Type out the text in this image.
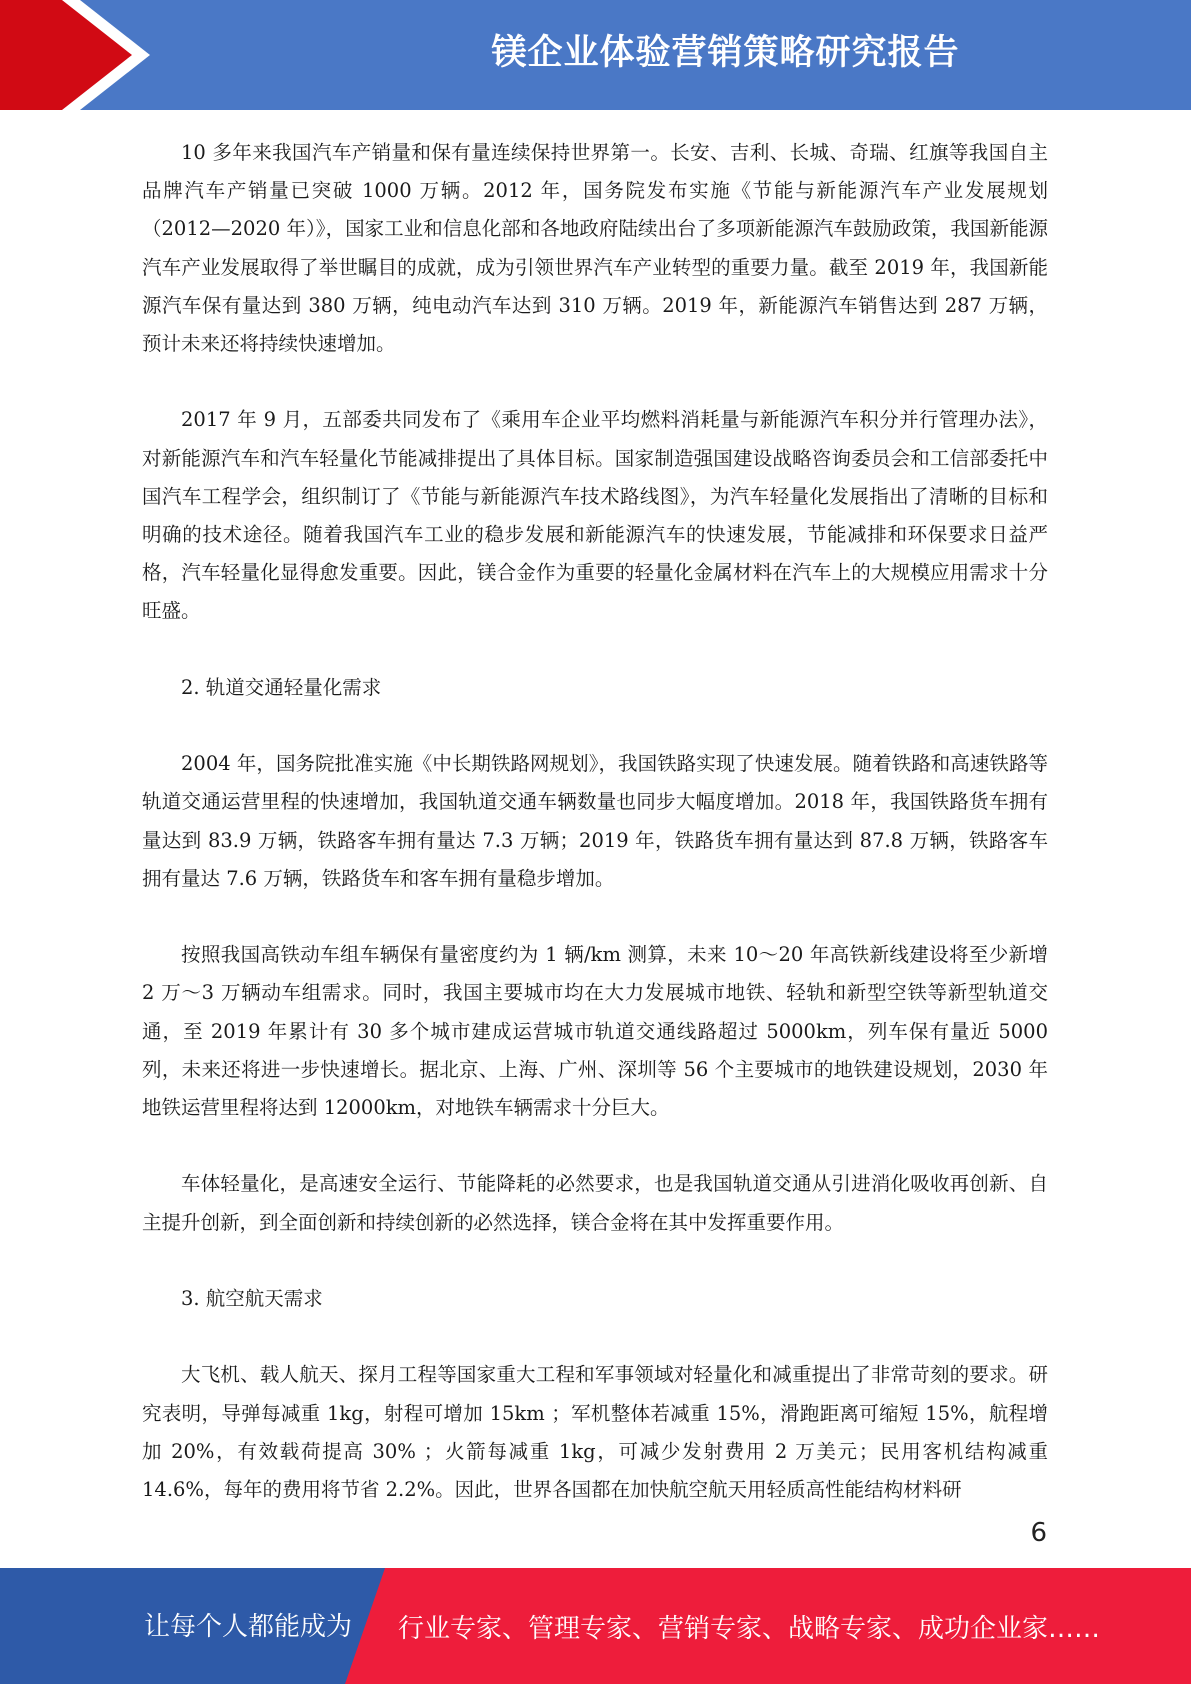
镁企业体验营销策略研究报告

10 多年来我国汽车产销量和保有量连续保持世界第一。长安、吉利、长城、奇瑞、红旗等我国自主品牌汽车产销量已突破 1000 万辆。2012 年，国务院发布实施《节能与新能源汽车产业发展规划（2012—2020 年）》，国家工业和信息化部和各地政府陆续出台了多项新能源汽车鼓励政策，我国新能源汽车产业发展取得了举世瞩目的成就，成为引领世界汽车产业转型的重要力量。截至 2019 年，我国新能源汽车保有量达到 380 万辆，纯电动汽车达到 310 万辆。2019 年，新能源汽车销售达到 287 万辆，预计未来还将持续快速增加。

2017 年 9 月，五部委共同发布了《乘用车企业平均燃料消耗量与新能源汽车积分并行管理办法》，对新能源汽车和汽车轻量化节能减排提出了具体目标。国家制造强国建设战略咨询委员会和工信部委托中国汽车工程学会，组织制订了《节能与新能源汽车技术路线图》，为汽车轻量化发展指出了清晰的目标和明确的技术途径。随着我国汽车工业的稳步发展和新能源汽车的快速发展，节能减排和环保要求日益严格，汽车轻量化显得愈发重要。因此，镁合金作为重要的轻量化金属材料在汽车上的大规模应用需求十分旺盛。

2. 轨道交通轻量化需求

2004 年，国务院批准实施《中长期铁路网规划》，我国铁路实现了快速发展。随着铁路和高速铁路等轨道交通运营里程的快速增加，我国轨道交通车辆数量也同步大幅度增加。2018 年，我国铁路货车拥有量达到 83.9 万辆，铁路客车拥有量达 7.3 万辆；2019 年，铁路货车拥有量达到 87.8 万辆，铁路客车拥有量达 7.6 万辆，铁路货车和客车拥有量稳步增加。

按照我国高铁动车组车辆保有量密度约为 1 辆/km 测算，未来 10～20 年高铁新线建设将至少新增 2 万～3 万辆动车组需求。同时，我国主要城市均在大力发展城市地铁、轻轨和新型空铁等新型轨道交通，至 2019 年累计有 30 多个城市建成运营城市轨道交通线路超过 5000km，列车保有量近 5000 列，未来还将进一步快速增长。据北京、上海、广州、深圳等 56 个主要城市的地铁建设规划，2030 年地铁运营里程将达到 12000km，对地铁车辆需求十分巨大。

车体轻量化，是高速安全运行、节能降耗的必然要求，也是我国轨道交通从引进消化吸收再创新、自主提升创新，到全面创新和持续创新的必然选择，镁合金将在其中发挥重要作用。

3. 航空航天需求

大飞机、载人航天、探月工程等国家重大工程和军事领域对轻量化和减重提出了非常苛刻的要求。研究表明，导弹每减重 1kg，射程可增加 15km ；军机整体若减重 15%，滑跑距离可缩短 15%，航程增加 20%，有效载荷提高 30% ；火箭每减重 1kg，可减少发射费用 2 万美元；民用客机结构减重 14.6%，每年的费用将节省 2.2%。因此，世界各国都在加快航空航天用轻质高性能结构材料研

6
让每个人都能成为 行业专家、管理专家、营销专家、战略专家、成功企业家……
